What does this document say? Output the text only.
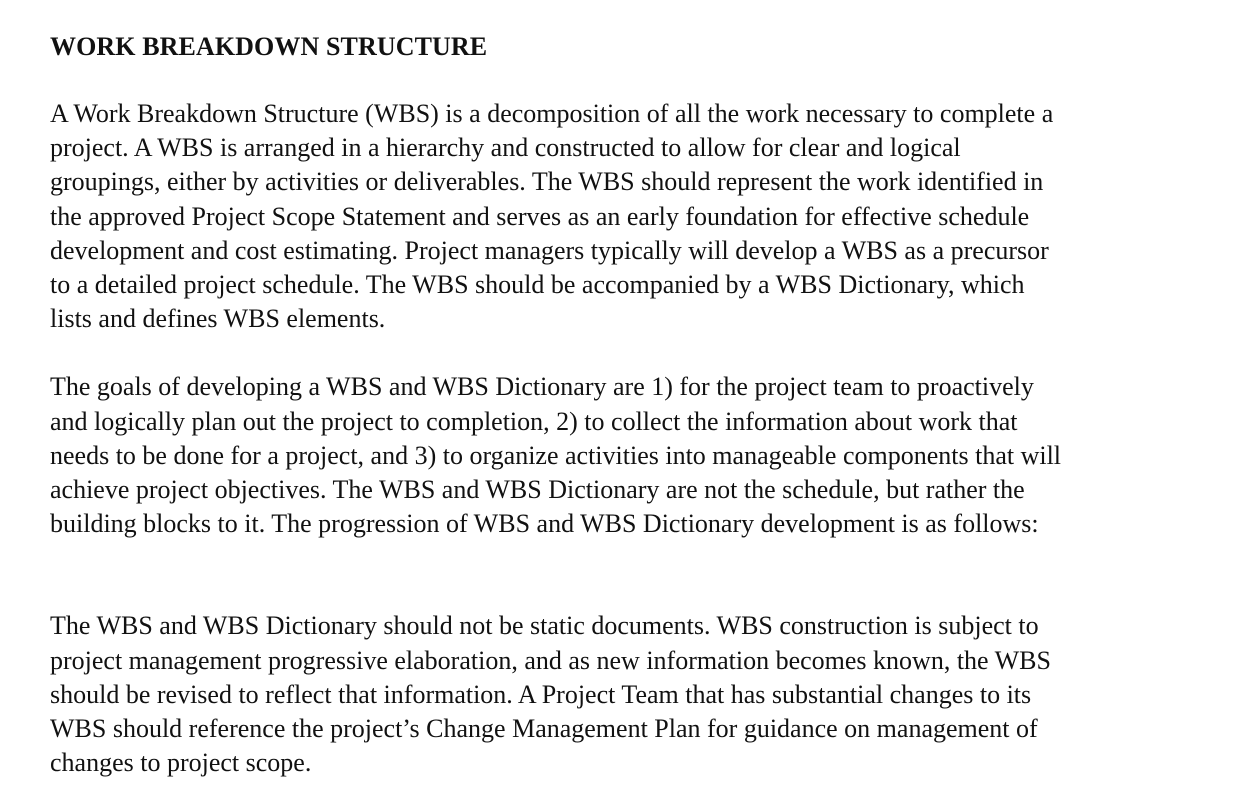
WORK BREAKDOWN STRUCTURE

A Work Breakdown Structure (WBS) is a decomposition of all the work necessary to complete a
project. A WBS is arranged in a hierarchy and constructed to allow for clear and logical
groupings, either by activities or deliverables. The WBS should represent the work identified in
the approved Project Scope Statement and serves as an early foundation for effective schedule
development and cost estimating. Project managers typically will develop a WBS as a precursor
to a detailed project schedule. The WBS should be accompanied by a WBS Dictionary, which
lists and defines WBS elements.

The goals of developing a WBS and WBS Dictionary are 1) for the project team to proactively
and logically plan out the project to completion, 2) to collect the information about work that
needs to be done for a project, and 3) to organize activities into manageable components that will
achieve project objectives. The WBS and WBS Dictionary are not the schedule, but rather the
building blocks to it. The progression of WBS and WBS Dictionary development is as follows:

The WBS and WBS Dictionary should not be static documents. WBS construction is subject to
project management progressive elaboration, and as new information becomes known, the WBS
should be revised to reflect that information. A Project Team that has substantial changes to its
WBS should reference the project’s Change Management Plan for guidance on management of
changes to project scope.
